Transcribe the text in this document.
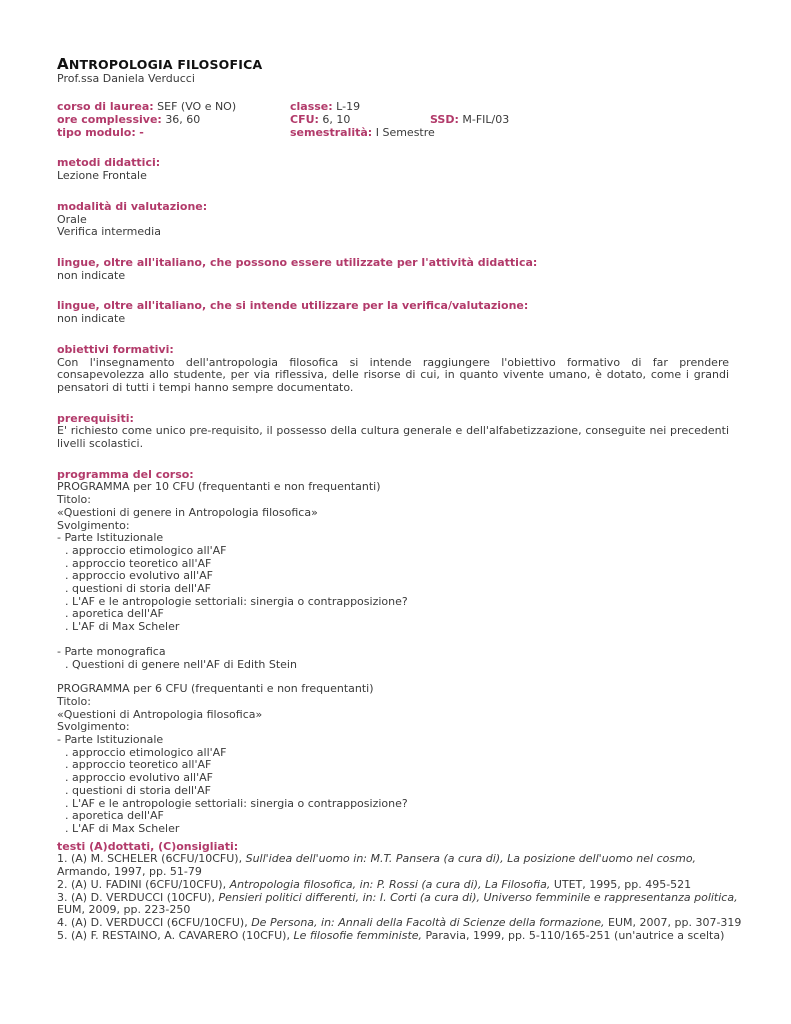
ANTROPOLOGIA FILOSOFICA
Prof.ssa Daniela Verducci
corso di laurea: SEF (VO e NO)	classe: L-19
ore complessive: 36, 60	CFU: 6, 10	SSD: M-FIL/03
tipo modulo: -	semestralità: I Semestre
metodi didattici:
Lezione Frontale
modalità di valutazione:
Orale
Verifica intermedia
lingue, oltre all'italiano, che possono essere utilizzate per l'attività didattica:
non indicate
lingue, oltre all'italiano, che si intende utilizzare per la verifica/valutazione:
non indicate
obiettivi formativi:
Con l'insegnamento dell'antropologia filosofica si intende raggiungere l'obiettivo formativo di far prendere consapevolezza allo studente, per via riflessiva, delle risorse di cui, in quanto vivente umano, è dotato, come i grandi pensatori di tutti i tempi hanno sempre documentato.
prerequisiti:
E' richiesto come unico pre-requisito, il possesso della cultura generale e dell'alfabetizzazione, conseguite nei precedenti livelli scolastici.
programma del corso:
PROGRAMMA per 10 CFU (frequentanti e non frequentanti)
Titolo:
«Questioni di genere in Antropologia filosofica»
Svolgimento:
- Parte Istituzionale
. approccio etimologico all'AF
. approccio teoretico all'AF
. approccio evolutivo all'AF
. questioni di storia dell'AF
. L'AF e le antropologie settoriali: sinergia o contrapposizione?
. aporetica dell'AF
. L'AF di Max Scheler
- Parte monografica
. Questioni di genere nell'AF di Edith Stein
PROGRAMMA per 6 CFU (frequentanti e non frequentanti)
Titolo:
«Questioni di Antropologia filosofica»
Svolgimento:
- Parte Istituzionale
. approccio etimologico all'AF
. approccio teoretico all'AF
. approccio evolutivo all'AF
. questioni di storia dell'AF
. L'AF e le antropologie settoriali: sinergia o contrapposizione?
. aporetica dell'AF
. L'AF di Max Scheler
testi (A)dottati, (C)onsigliati:
1. (A) M. SCHELER (6CFU/10CFU), Sull'idea dell'uomo in: M.T. Pansera (a cura di), La posizione dell'uomo nel cosmo,
Armando, 1997, pp. 51-79
2. (A) U. FADINI (6CFU/10CFU), Antropologia filosofica, in: P. Rossi (a cura di), La Filosofia, UTET, 1995, pp. 495-521
3. (A) D. VERDUCCI (10CFU), Pensieri politici differenti, in: I. Corti (a cura di), Universo femminile e rappresentanza politica,
EUM, 2009, pp. 223-250
4. (A) D. VERDUCCI (6CFU/10CFU), De Persona, in: Annali della Facoltà di Scienze della formazione, EUM, 2007, pp. 307-319
5. (A) F. RESTAINO, A. CAVARERO (10CFU), Le filosofie femministe, Paravia, 1999, pp. 5-110/165-251 (un'autrice a scelta)
